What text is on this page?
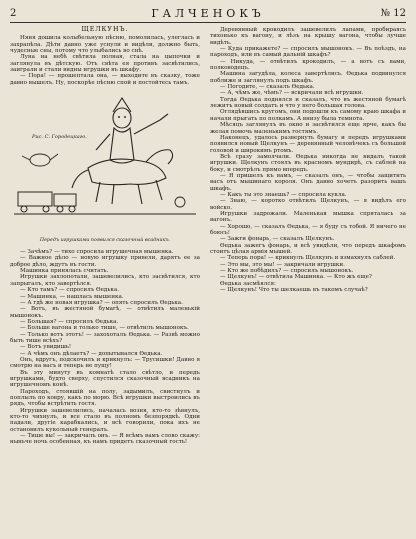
2	ГАЛЧЕНОКЪ	№ 12
ЩЕЛКУНЪ.

Няня дошила колыбельную пѣсню, помолилась, улеглась и захрапѣла. Дѣти давно уже уснули и видѣли, должно быть, чудесные сны, потому что улыбались во снѣ.

Луна на небѣ свѣтила полная, стала на цыпочки и заглянула въ дѣтскую. Отъ свѣта ея противъ засвѣтились, заиграли и стали видны игрушки въ шкафу.

— Пора! — прошептала она, — выходите въ сказку, тоже давно вышелъ. Ну, поскорѣе пѣсню спой и постойтесь тамъ.

Рис. С. Городецкаго.
Передъ игрушками появился сказочный всадникъ.

— Зачѣмъ? — тихо спросила игрушечная мышенка.

— Важное дѣло — новую игрушку привели, дарятъ ее за доброе дѣло, ждутъ въ гости.

Машинка принялась считать.

Игрушки захлопотали, зашевелились, кто засвѣтился, кто запрыгалъ, кто завертѣлся.

— Кто тамъ? — спросилъ Ѳедька.

— Машинка, — нашлась мышенка.

— А гдѣ же новая игрушка? — опять спросилъ Ѳедька.

— Вотъ, въ жестяной бумагѣ, — отвѣтилъ маленькій мышонокъ.

— Большая? — спросилъ Ѳедька.

— Больше вагона и только тише, — отвѣтилъ мышонокъ.

— Только вотъ этотъ! — захохоталъ Ѳедька. — Развѣ можно быть тише всѣхъ?

— Вотъ увидишь!

— А чѣмъ онъ дѣлаетъ? — допытывался Ѳедька.

Онъ, вдругъ, подскочилъ и крикнулъ: — Трусишки! Давно я смотрю на васъ и теперь не пущу!

Въ эту минуту въ комнатѣ стало свѣтло, и передъ игрушками, будто сверху, спустился сказочный всадникъ на игрушечномъ конѣ.

Пароходъ, стоявшій на полу, задымилъ, свистнулъ и поплылъ по ковру, какъ по морю. Всѣ игрушки выстроились въ рядъ, чтобы встрѣтить гостя.

Игрушки зашевелились, началась возня, кто-то зѣвнулъ, кто-то чихнулъ, и все стало въ полномъ безпорядкѣ. Одни падали, другіе карабкались, и всѣ говорили, пока ихъ не остановилъ кукольный генералъ.

— Тише вы! — закричалъ онъ. — Я всѣмъ вамъ слово скажу: ныньче ночь особенная, къ намъ придетъ сказочный гость!

Деревянный крокодилъ зашевелилъ лапами, пробираясь тихонько къ вагону, и лѣзъ на крышу вагона, чтобы лучше видѣть.

— Куда прикажете? — спросилъ мышонокъ. — Въ поѣздъ, на пароходъ, или въ самый дальній шкафъ?

— Никуда, — отвѣтилъ крокодилъ, — а вотъ съ вами, полководецъ.

Машина загудѣла, колеса завертѣлись. Ѳедька подвинулся поближе и заглянулъ подъ шкафъ.

— Погодите, — сказалъ Ѳедька.

— А, чѣмъ же, чѣмъ? — вскричали всѣ игрушки.

Тогда Ѳедька поднялся и сказалъ, что въ жестяной бумагѣ лежитъ новый солдатъ и что у него большая голова.

Оглядѣвшись кругомъ, они подошли къ самому краю шкафа и начали прыгать по полкамъ. А внизу была темнота.

Мѣсяцъ заглянулъ въ окно и засвѣтился еще ярче, какъ бы желая помочь маленькимъ гостямъ.

Наконецъ, удалось развернуть бумагу и передъ игрушками появился новый Щелкунъ — деревянный человѣчекъ съ большой головой и широкимъ ртомъ.

Всѣ сразу замолчали. Ѳедька никогда не видалъ такой игрушки. Щелкунъ стоялъ въ красномъ мундирѣ, съ саблей на боку, и смотрѣлъ прямо впередъ.

— Я пришелъ къ вамъ, — сказалъ онъ, — чтобы защитить васъ отъ мышинаго короля. Онъ давно хочетъ разорить вашъ шкафъ.

— Какъ ты это знаешь? — спросила кукла.

— Знаю, — коротко отвѣтилъ Щелкунъ, — я видѣлъ его войско.

Игрушки задрожали. Маленькая мышка спряталась за вагонъ.

— Хорошо, — сказалъ Ѳедька, — я буду съ тобой. Я ничего не боюсь!

— Зажги фонарь, — сказалъ Щелкунъ.

Ѳедька зажегъ фонарь, и всѣ увидѣли, что передъ шкафомъ стоитъ цѣлая армія мышей.

— Теперь пора! — крикнулъ Щелкунъ и взмахнулъ саблей.

— Это мы, это мы! — закричали игрушки.

— Кто же побѣдилъ? — спросилъ мышонокъ.

— Щелкунъ! — отвѣтила Машинка. — Кто жъ еще?

Ѳедька засмѣялся:

— Щелкунъ! Что ты шелкаешь въ такомъ случаѣ?
